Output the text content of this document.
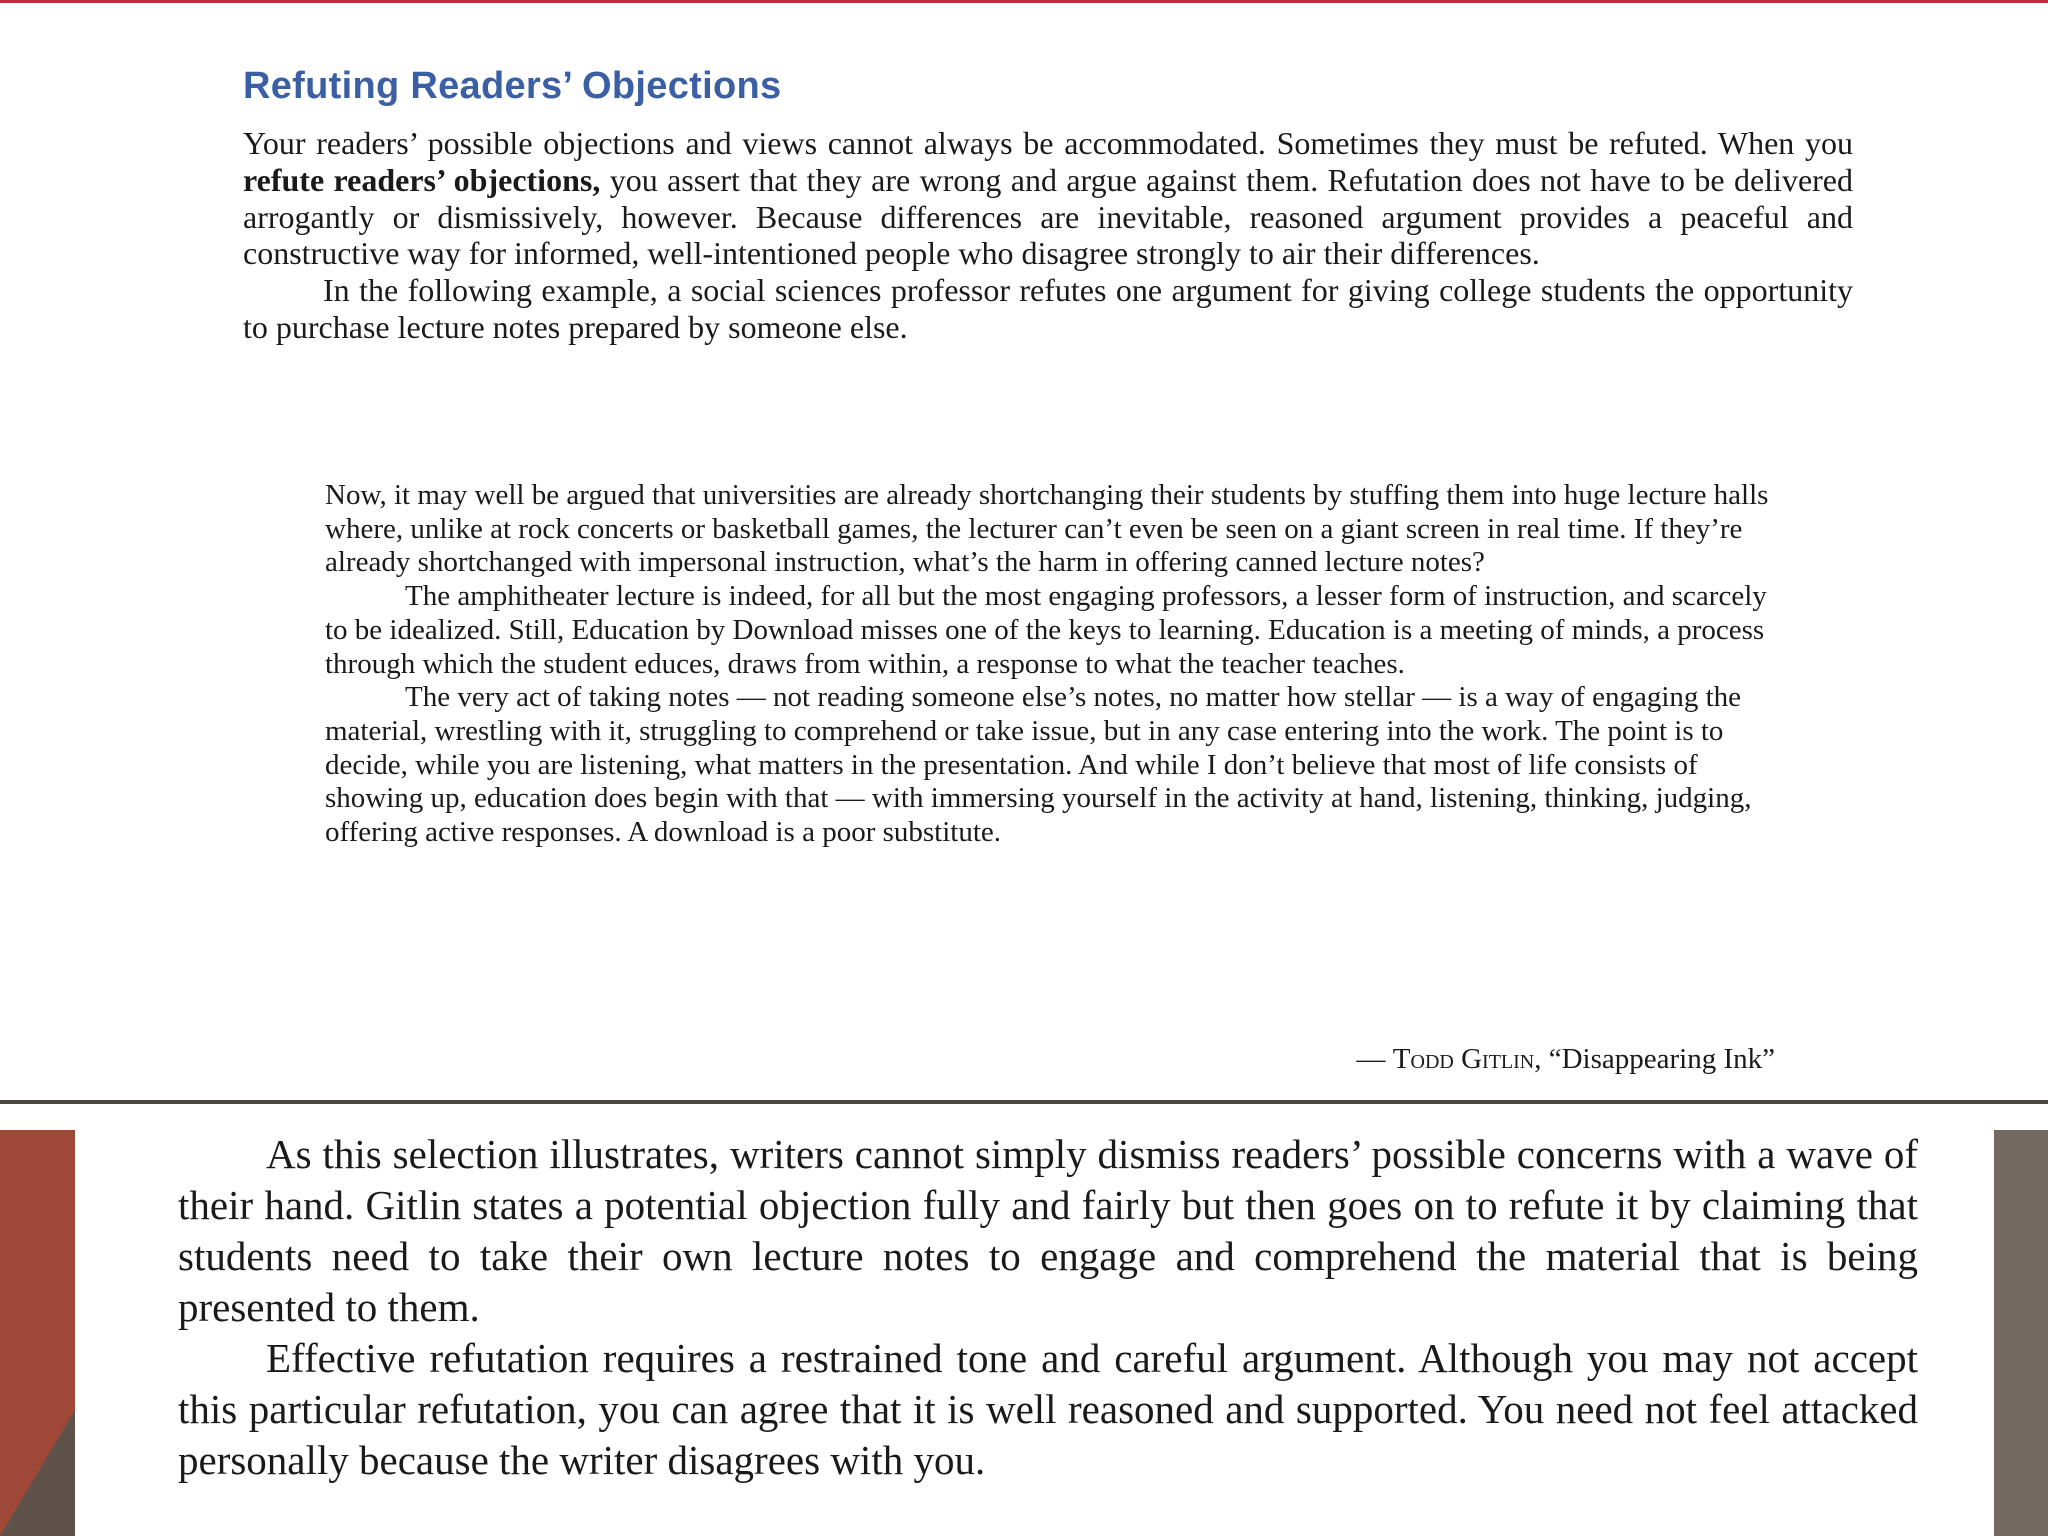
Refuting Readers’ Objections

Your readers’ possible objections and views cannot always be accommodated. Sometimes they must be refuted. When you refute readers’ objections, you assert that they are wrong and argue against them. Refutation does not have to be delivered arrogantly or dismissively, however. Because differences are inevitable, reasoned argument provides a peaceful and constructive way for informed, well-intentioned people who disagree strongly to air their differences.

In the following example, a social sciences professor refutes one argument for giving college students the opportunity to purchase lecture notes prepared by someone else.

Now, it may well be argued that universities are already shortchanging their students by stuffing them into huge lecture halls where, unlike at rock concerts or basketball games, the lecturer can’t even be seen on a giant screen in real time. If they’re already shortchanged with impersonal instruction, what’s the harm in offering canned lecture notes?

The amphitheater lecture is indeed, for all but the most engaging professors, a lesser form of instruction, and scarcely to be idealized. Still, Education by Download misses one of the keys to learning. Education is a meeting of minds, a process through which the student educes, draws from within, a response to what the teacher teaches.

The very act of taking notes — not reading someone else’s notes, no matter how stellar — is a way of engaging the material, wrestling with it, struggling to comprehend or take issue, but in any case entering into the work. The point is to decide, while you are listening, what matters in the presentation. And while I don’t believe that most of life consists of showing up, education does begin with that — with immersing yourself in the activity at hand, listening, thinking, judging, offering active responses. A download is a poor substitute.

— Todd Gitlin, “Disappearing Ink”

As this selection illustrates, writers cannot simply dismiss readers’ possible concerns with a wave of their hand. Gitlin states a potential objection fully and fairly but then goes on to refute it by claiming that students need to take their own lecture notes to engage and comprehend the material that is being presented to them.

Effective refutation requires a restrained tone and careful argument. Although you may not accept this particular refutation, you can agree that it is well reasoned and supported. You need not feel attacked personally because the writer disagrees with you.
